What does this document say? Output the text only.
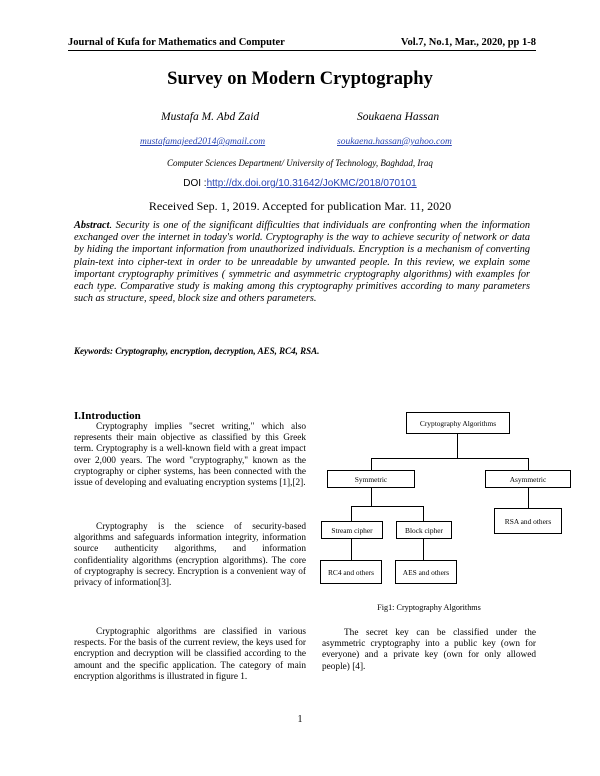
Journal of Kufa for Mathematics and Computer	Vol.7, No.1, Mar., 2020, pp 1-8
Survey on Modern Cryptography
Mustafa M. Abd Zaid	Soukaena Hassan
mustafamajeed2014@gmail.com	soukaena.hassan@yahoo.com
Computer Sciences Department/ University of Technology, Baghdad, Iraq
DOI :http://dx.doi.org/10.31642/JoKMC/2018/070101
Received Sep. 1, 2019. Accepted for publication Mar. 11, 2020
Abstract. Security is one of the significant difficulties that individuals are confronting when the information exchanged over the internet in today's world. Cryptography is the way to achieve security of network or data by hiding the important information from unauthorized individuals. Encryption is a mechanism of converting plain-text into cipher-text in order to be unreadable by unwanted people. In this review, we explain some important cryptography primitives ( symmetric and asymmetric cryptography algorithms) with examples for each type. Comparative study is making among this cryptography primitives according to many parameters such as structure, speed, block size and others parameters.
Keywords: Cryptography, encryption, decryption, AES, RC4, RSA.
I.Introduction
Cryptography implies "secret writing," which also represents their main objective as classified by this Greek term. Cryptography is a well-known field with a great impact over 2,000 years. The word "cryptography," known as the cryptography or cipher systems, has been connected with the issue of developing and evaluating encryption systems [1],[2].
Cryptography is the science of security-based algorithms and safeguards information integrity, information source authenticity algorithms, and information confidentiality algorithms (encryption algorithms). The core of cryptography is secrecy. Encryption is a convenient way of privacy of information[3].
Cryptographic algorithms are classified in various respects. For the basis of the current review, the keys used for encryption and decryption will be classified according to the amount and the specific application. The category of main encryption algorithms is illustrated in figure 1.
Cryptography Algorithms
Symmetric	Asymmetric
Stream cipher	Block cipher
RSA and others
RC4 and others	AES and others
Fig1: Cryptography Algorithms
The secret key can be classified under the asymmetric cryptography into a public key (own for everyone) and a private key (own for only allowed people) [4].
1
